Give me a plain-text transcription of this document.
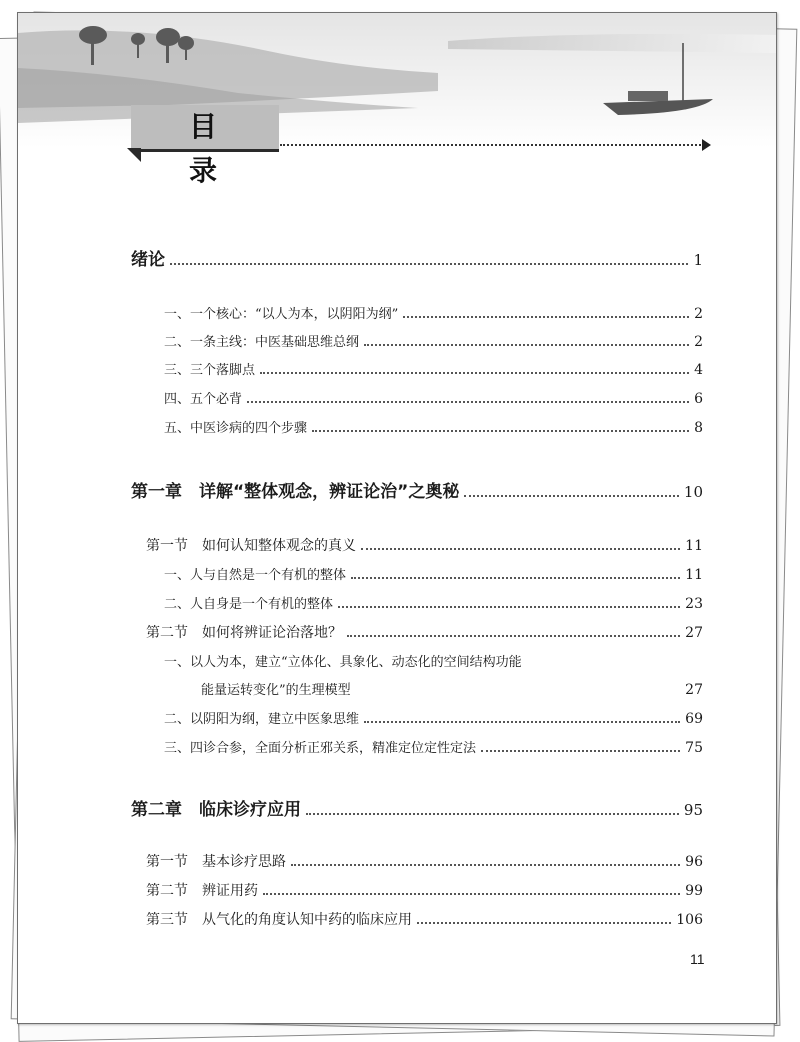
目 录
绪论	1
一、一个核心：“以人为本，以阴阳为纲”	2
二、一条主线：中医基础思维总纲	2
三、三个落脚点	4
四、五个必背	6
五、中医诊病的四个步骤	8
第一章　详解“整体观念，辨证论治”之奥秘	10
第一节　如何认知整体观念的真义	11
一、人与自然是一个有机的整体	11
二、人自身是一个有机的整体	23
第二节　如何将辨证论治落地？	27
一、以人为本，建立“立体化、具象化、动态化的空间结构功能
能量运转变化”的生理模型	27
二、以阴阳为纲，建立中医象思维	69
三、四诊合参，全面分析正邪关系，精准定位定性定法	75
第二章　临床诊疗应用	95
第一节　基本诊疗思路	96
第二节　辨证用药	99
第三节　从气化的角度认知中药的临床应用	106
11
